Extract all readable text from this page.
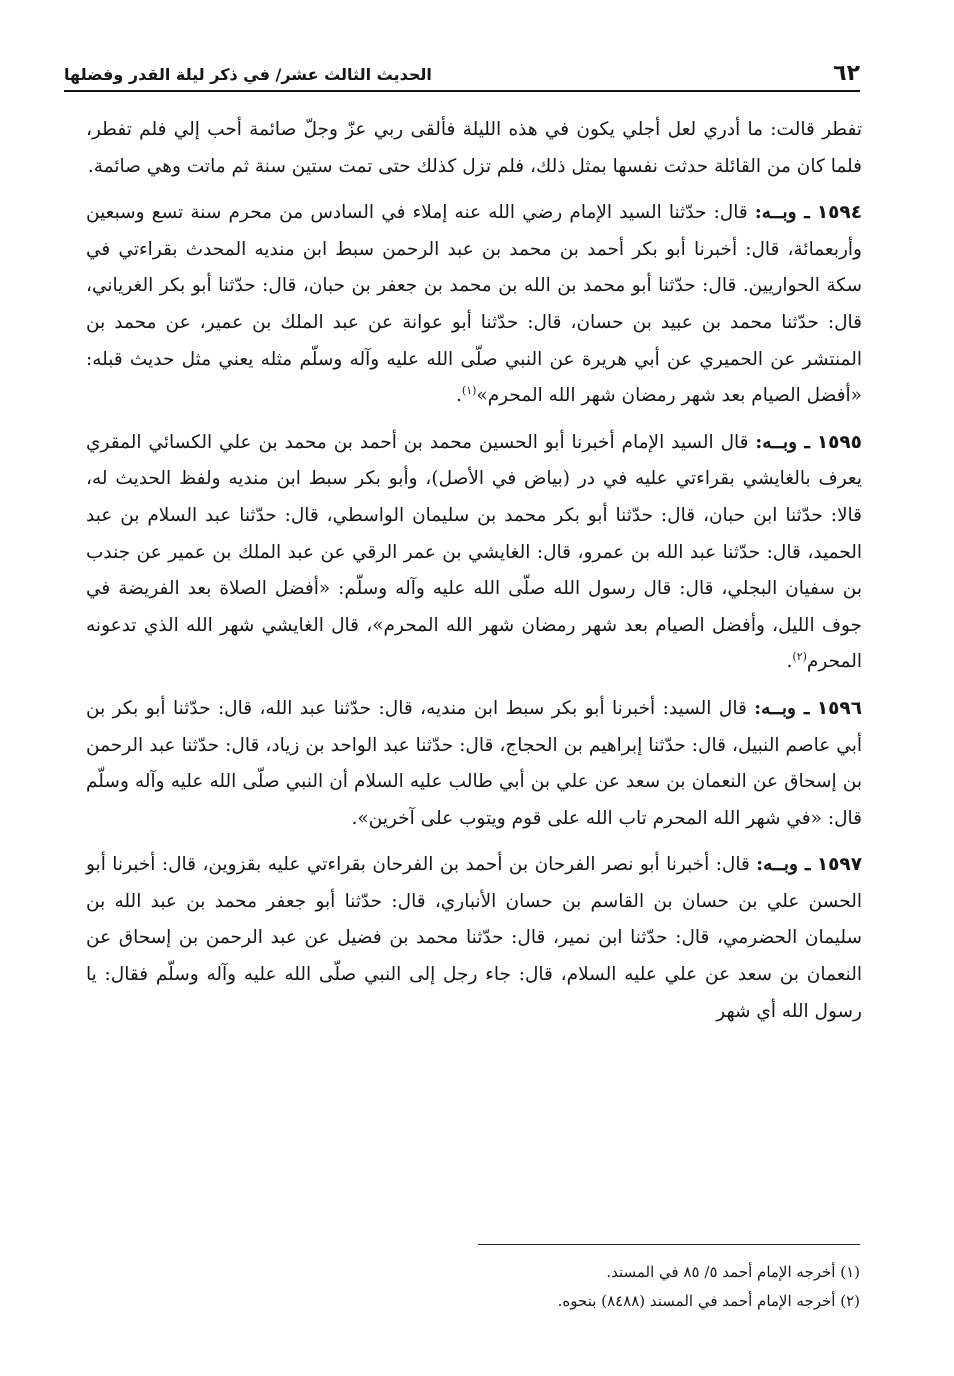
٦٢
الحديث الثالث عشر/ في ذكر ليلة القدر وفضلها

تفطر قالت: ما أدري لعل أجلي يكون في هذه الليلة فألقى ربي عزّ وجلّ صائمة أحب إلي فلم تفطر، فلما كان من القائلة حدثت نفسها بمثل ذلك، فلم تزل كذلك حتى تمت ستين سنة ثم ماتت وهي صائمة.

١٥٩٤ ـ وبــه: قال: حدّثنا السيد الإمام رضي الله عنه إملاء في السادس من محرم سنة تسع وسبعين وأربعمائة، قال: أخبرنا أبو بكر أحمد بن محمد بن عبد الرحمن سبط ابن منديه المحدث بقراءتي في سكة الحواريين. قال: حدّثنا أبو محمد بن الله بن محمد بن جعفر بن حبان، قال: حدّثنا أبو بكر الغرياني، قال: حدّثنا محمد بن عبيد بن حسان، قال: حدّثنا أبو عوانة عن عبد الملك بن عمير، عن محمد بن المنتشر عن الحميري عن أبي هريرة عن النبي صلّى الله عليه وآله وسلّم مثله يعني مثل حديث قبله: «أفضل الصيام بعد شهر رمضان شهر الله المحرم»$^{(١)}$.

١٥٩٥ ـ وبــه: قال السيد الإمام أخبرنا أبو الحسين محمد بن أحمد بن محمد بن علي الكسائي المقري يعرف بالغايشي بقراءتي عليه في در (بياض في الأصل)، وأبو بكر سبط ابن منديه ولفظ الحديث له، قالا: حدّثنا ابن حبان، قال: حدّثنا أبو بكر محمد بن سليمان الواسطي، قال: حدّثنا عبد السلام بن عبد الحميد، قال: حدّثنا عبد الله بن عمرو، قال: الغايشي بن عمر الرقي عن عبد الملك بن عمير عن جندب بن سفيان البجلي، قال: قال رسول الله صلّى الله عليه وآله وسلّم: «أفضل الصلاة بعد الفريضة في جوف الليل، وأفضل الصيام بعد شهر رمضان شهر الله المحرم»، قال الغايشي شهر الله الذي تدعونه المحرم$^{(٢)}$.

١٥٩٦ ـ وبــه: قال السيد: أخبرنا أبو بكر سبط ابن منديه، قال: حدّثنا عبد الله، قال: حدّثنا أبو بكر بن أبي عاصم النبيل، قال: حدّثنا إبراهيم بن الحجاج، قال: حدّثنا عبد الواحد بن زياد، قال: حدّثنا عبد الرحمن بن إسحاق عن النعمان بن سعد عن علي بن أبي طالب عليه السلام أن النبي صلّى الله عليه وآله وسلّم قال: «في شهر الله المحرم تاب الله على قوم ويتوب على آخرين».

١٥٩٧ ـ وبــه: قال: أخبرنا أبو نصر الفرحان بن أحمد بن الفرحان بقراءتي عليه بقزوين، قال: أخبرنا أبو الحسن علي بن حسان بن القاسم بن حسان الأنباري، قال: حدّثنا أبو جعفر محمد بن عبد الله بن سليمان الحضرمي، قال: حدّثنا ابن نمير، قال: حدّثنا محمد بن فضيل عن عبد الرحمن بن إسحاق عن النعمان بن سعد عن علي عليه السلام، قال: جاء رجل إلى النبي صلّى الله عليه وآله وسلّم فقال: يا رسول الله أي شهر

(١) أخرجه الإمام أحمد ٥/ ٨٥ في المسند.
(٢) أخرجه الإمام أحمد في المسند (٨٤٨٨) بنحوه.
